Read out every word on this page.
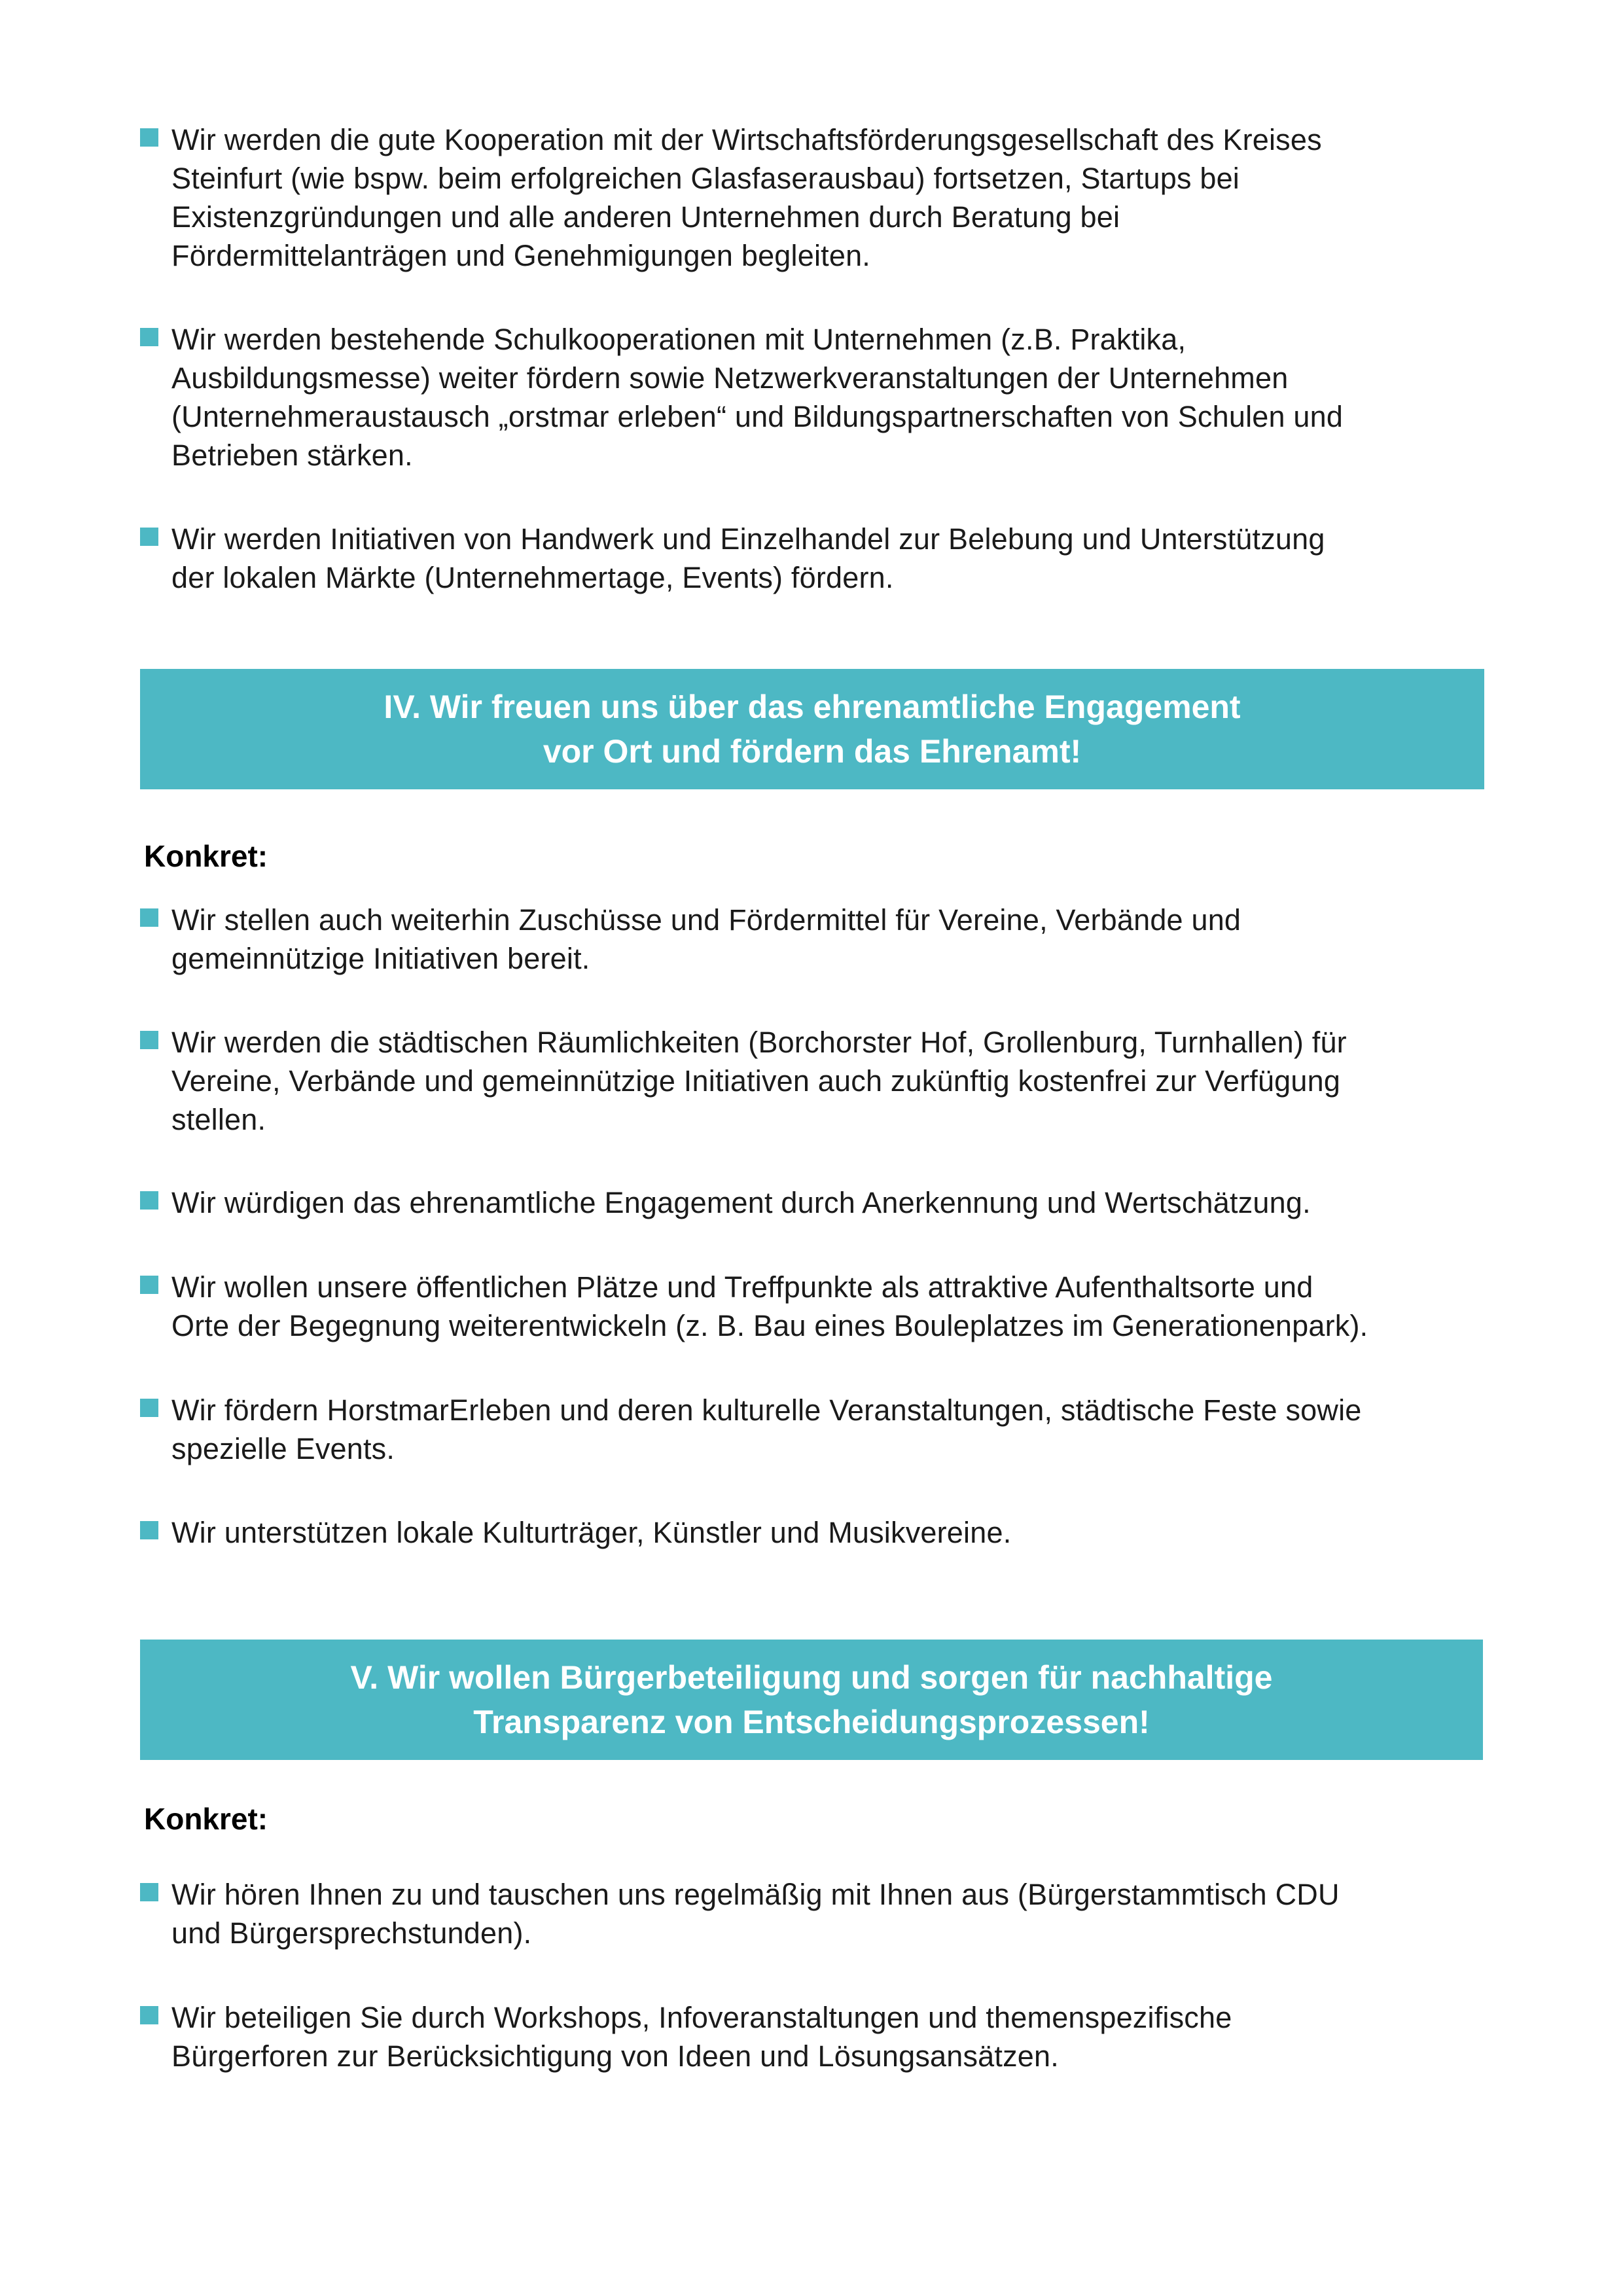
Wir werden die gute Kooperation mit der Wirtschaftsförderungsgesellschaft des Kreises
Steinfurt (wie bspw. beim erfolgreichen Glasfaserausbau) fortsetzen, Startups bei
Existenzgründungen und alle anderen Unternehmen durch Beratung bei
Fördermittelanträgen und Genehmigungen begleiten.
Wir werden bestehende Schulkooperationen mit Unternehmen (z.B. Praktika,
Ausbildungsmesse) weiter fördern sowie Netzwerkveranstaltungen der Unternehmen
(Unternehmeraustausch „orstmar erleben“ und Bildungspartnerschaften von Schulen und
Betrieben stärken.
Wir werden Initiativen von Handwerk und Einzelhandel zur Belebung und Unterstützung
der lokalen Märkte (Unternehmertage, Events) fördern.
IV. Wir freuen uns über das ehrenamtliche Engagement
vor Ort und fördern das Ehrenamt!
Konkret:
Wir stellen auch weiterhin Zuschüsse und Fördermittel für Vereine, Verbände und
gemeinnützige Initiativen bereit.
Wir werden die städtischen Räumlichkeiten (Borchorster Hof, Grollenburg, Turnhallen) für
Vereine, Verbände und gemeinnützige Initiativen auch zukünftig kostenfrei zur Verfügung
stellen.
Wir würdigen das ehrenamtliche Engagement durch Anerkennung und Wertschätzung.
Wir wollen unsere öffentlichen Plätze und Treffpunkte als attraktive Aufenthaltsorte und
Orte der Begegnung weiterentwickeln (z. B. Bau eines Bouleplatzes im Generationenpark).
Wir fördern HorstmarErleben und deren kulturelle Veranstaltungen, städtische Feste sowie
spezielle Events.
Wir unterstützen lokale Kulturträger, Künstler und Musikvereine.
V. Wir wollen Bürgerbeteiligung und sorgen für nachhaltige
Transparenz von Entscheidungsprozessen!
Konkret:
Wir hören Ihnen zu und tauschen uns regelmäßig mit Ihnen aus (Bürgerstammtisch CDU
und Bürgersprechstunden).
Wir beteiligen Sie durch Workshops, Infoveranstaltungen und themenspezifische
Bürgerforen zur Berücksichtigung von Ideen und Lösungsansätzen.
